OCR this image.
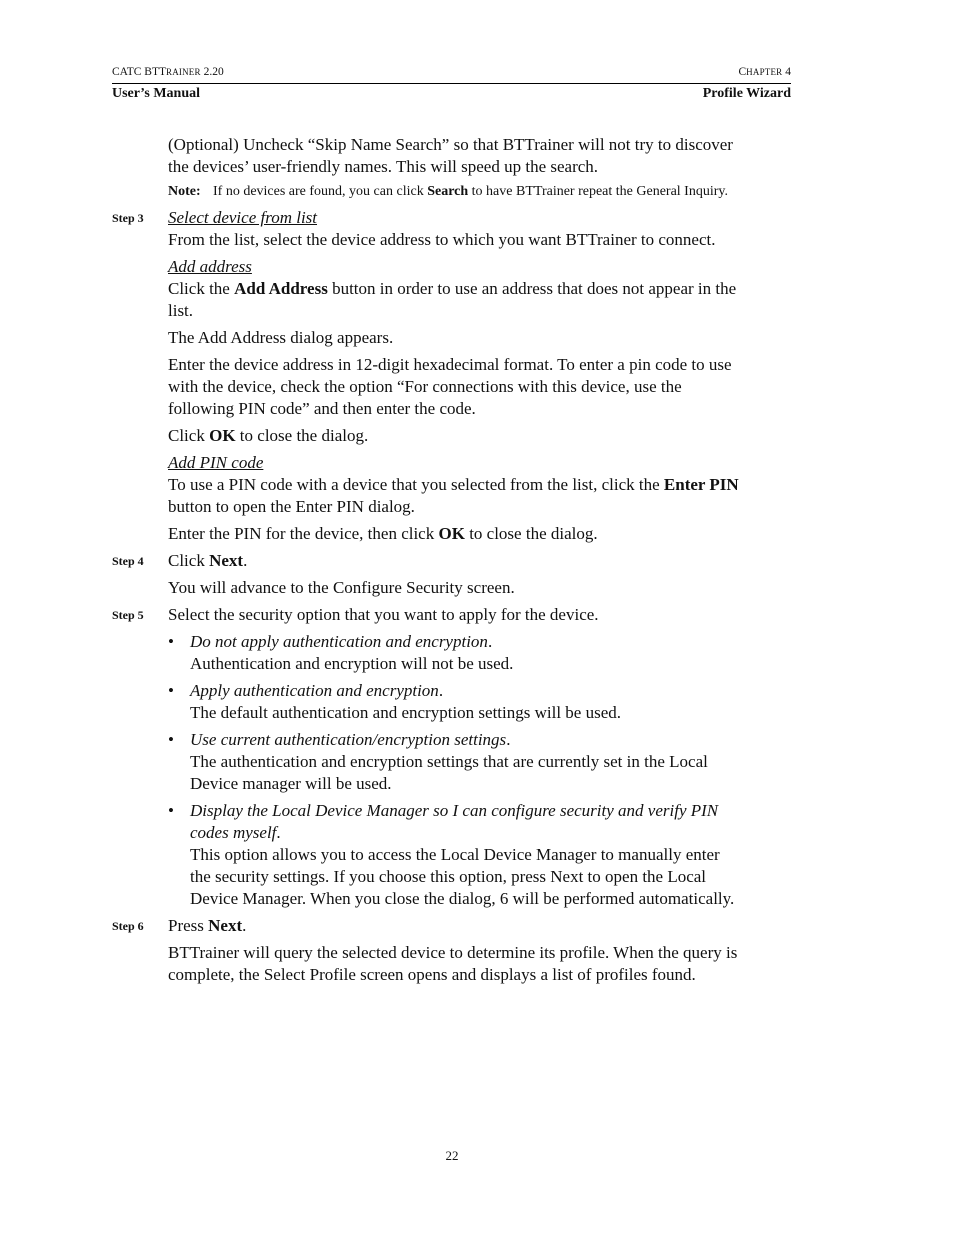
CATC BTTRAINER 2.20	CHAPTER 4
User’s Manual	Profile Wizard

(Optional) Uncheck “Skip Name Search” so that BTTrainer will not try to discover the devices’ user-friendly names. This will speed up the search.

Note: If no devices are found, you can click Search to have BTTrainer repeat the General Inquiry.
Step 3 Select device from list

From the list, select the device address to which you want BTTrainer to connect.

Add address

Click the Add Address button in order to use an address that does not appear in the list.

The Add Address dialog appears.

Enter the device address in 12-digit hexadecimal format. To enter a pin code to use with the device, check the option “For connections with this device, use the following PIN code” and then enter the code.

Click OK to close the dialog.

Add PIN code

To use a PIN code with a device that you selected from the list, click the Enter PIN button to open the Enter PIN dialog.

Enter the PIN for the device, then click OK to close the dialog.

Step 4 Click Next.

You will advance to the Configure Security screen.

Step 5 Select the security option that you want to apply for the device.

• Do not apply authentication and encryption.
Authentication and encryption will not be used.
• Apply authentication and encryption.
The default authentication and encryption settings will be used.
• Use current authentication/encryption settings.
The authentication and encryption settings that are currently set in the Local Device manager will be used.
• Display the Local Device Manager so I can configure security and verify PIN codes myself.
This option allows you to access the Local Device Manager to manually enter the security settings. If you choose this option, press Next to open the Local Device Manager. When you close the dialog, 6 will be performed automatically.
Step 6 Press Next.

BTTrainer will query the selected device to determine its profile. When the query is complete, the Select Profile screen opens and displays a list of profiles found.

22
